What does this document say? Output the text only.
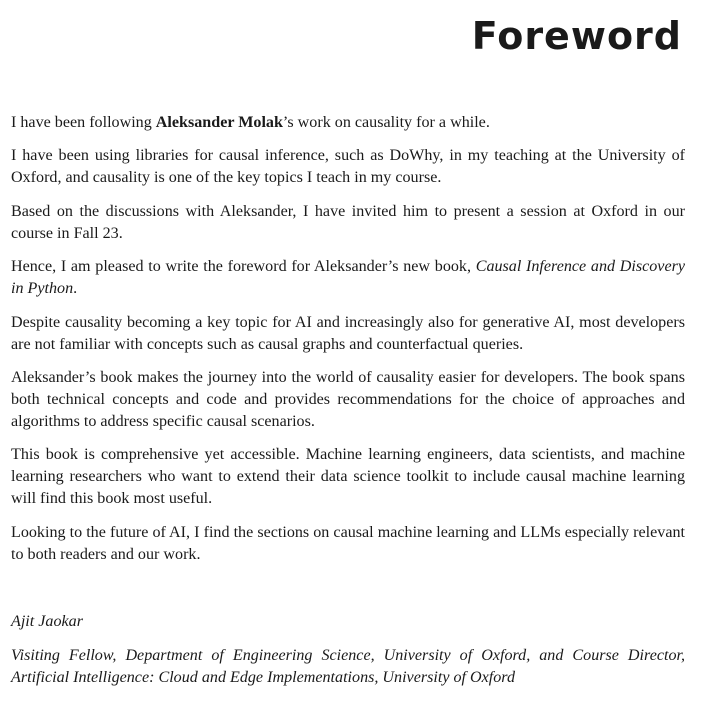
Foreword

I have been following Aleksander Molak’s work on causality for a while.

I have been using libraries for causal inference, such as DoWhy, in my teaching at the University of Oxford, and causality is one of the key topics I teach in my course.

Based on the discussions with Aleksander, I have invited him to present a session at Oxford in our course in Fall 23.

Hence, I am pleased to write the foreword for Aleksander’s new book, Causal Inference and Discovery in Python.

Despite causality becoming a key topic for AI and increasingly also for generative AI, most developers are not familiar with concepts such as causal graphs and counterfactual queries.

Aleksander’s book makes the journey into the world of causality easier for developers. The book spans both technical concepts and code and provides recommendations for the choice of approaches and algorithms to address specific causal scenarios.

This book is comprehensive yet accessible. Machine learning engineers, data scientists, and machine learning researchers who want to extend their data science toolkit to include causal machine learning will find this book most useful.

Looking to the future of AI, I find the sections on causal machine learning and LLMs especially relevant to both readers and our work.

Ajit Jaokar

Visiting Fellow, Department of Engineering Science, University of Oxford, and Course Director, Artificial Intelligence: Cloud and Edge Implementations, University of Oxford
